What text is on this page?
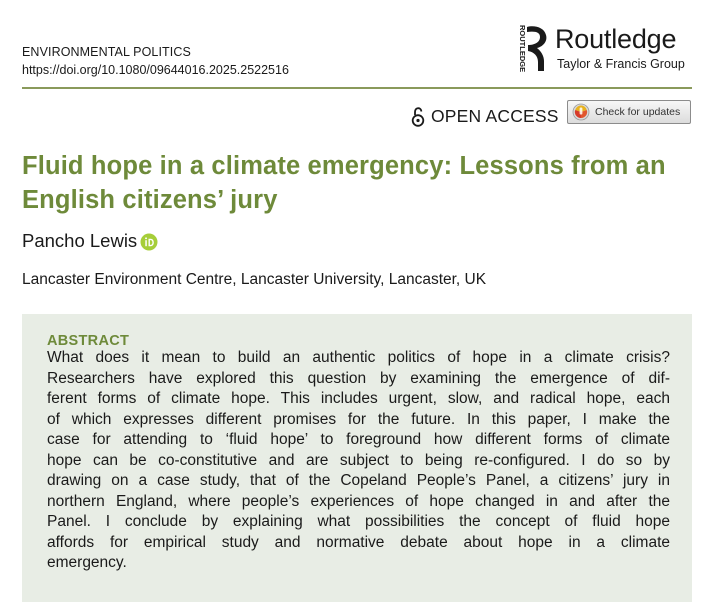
ENVIRONMENTAL POLITICS
https://doi.org/10.1080/09644016.2025.2522516	ROUTLEDGE Routledge
Taylor & Francis Group
OPEN ACCESS	Check for updates
Fluid hope in a climate emergency: Lessons from an English citizens’ jury
Pancho Lewis
Lancaster Environment Centre, Lancaster University, Lancaster, UK
ABSTRACT
What does it mean to build an authentic politics of hope in a climate crisis?
Researchers have explored this question by examining the emergence of dif-
ferent forms of climate hope. This includes urgent, slow, and radical hope, each
of which expresses different promises for the future. In this paper, I make the
case for attending to ‘fluid hope’ to foreground how different forms of climate
hope can be co-constitutive and are subject to being re-configured. I do so by
drawing on a case study, that of the Copeland People’s Panel, a citizens’ jury in
northern England, where people’s experiences of hope changed in and after the
Panel. I conclude by explaining what possibilities the concept of fluid hope
affords for empirical study and normative debate about hope in a climate
emergency.
